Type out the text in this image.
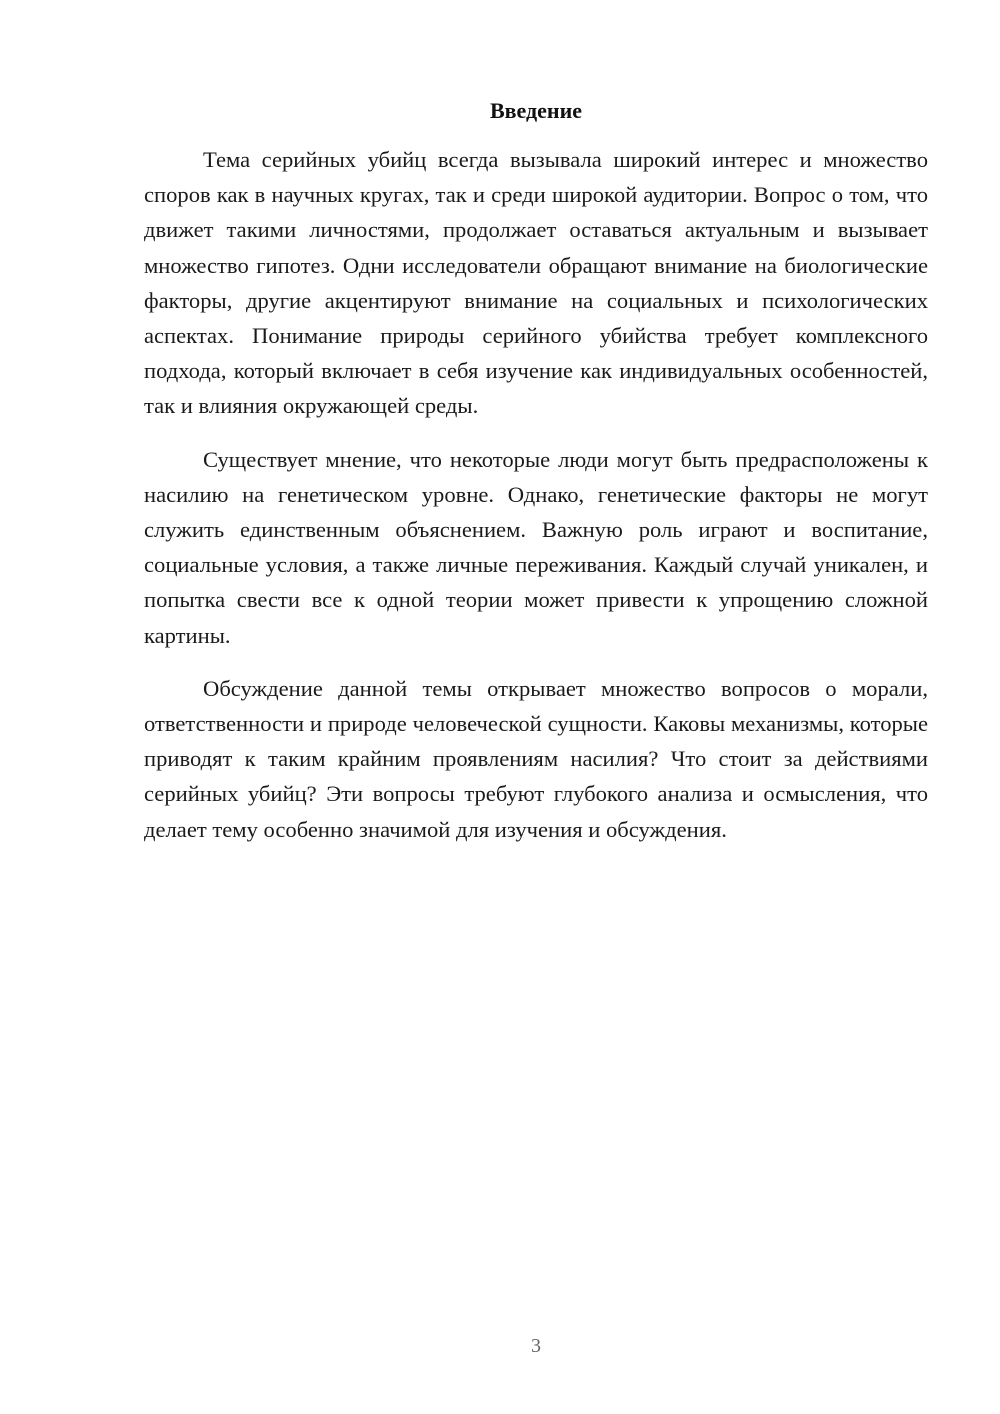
Введение

Тема серийных убийц всегда вызывала широкий интерес и множество споров как в научных кругах, так и среди широкой аудитории. Вопрос о том, что движет такими личностями, продолжает оставаться актуальным и вызывает множество гипотез. Одни исследователи обращают внимание на биологические факторы, другие акцентируют внимание на социальных и психологических аспектах. Понимание природы серийного убийства требует комплексного подхода, который включает в себя изучение как индивидуальных особенностей, так и влияния окружающей среды.

Существует мнение, что некоторые люди могут быть предрасположены к насилию на генетическом уровне. Однако, генетические факторы не могут служить единственным объяснением. Важную роль играют и воспитание, социальные условия, а также личные переживания. Каждый случай уникален, и попытка свести все к одной теории может привести к упрощению сложной картины.

Обсуждение данной темы открывает множество вопросов о морали, ответственности и природе человеческой сущности. Каковы механизмы, которые приводят к таким крайним проявлениям насилия? Что стоит за действиями серийных убийц? Эти вопросы требуют глубокого анализа и осмысления, что делает тему особенно значимой для изучения и обсуждения.

3
